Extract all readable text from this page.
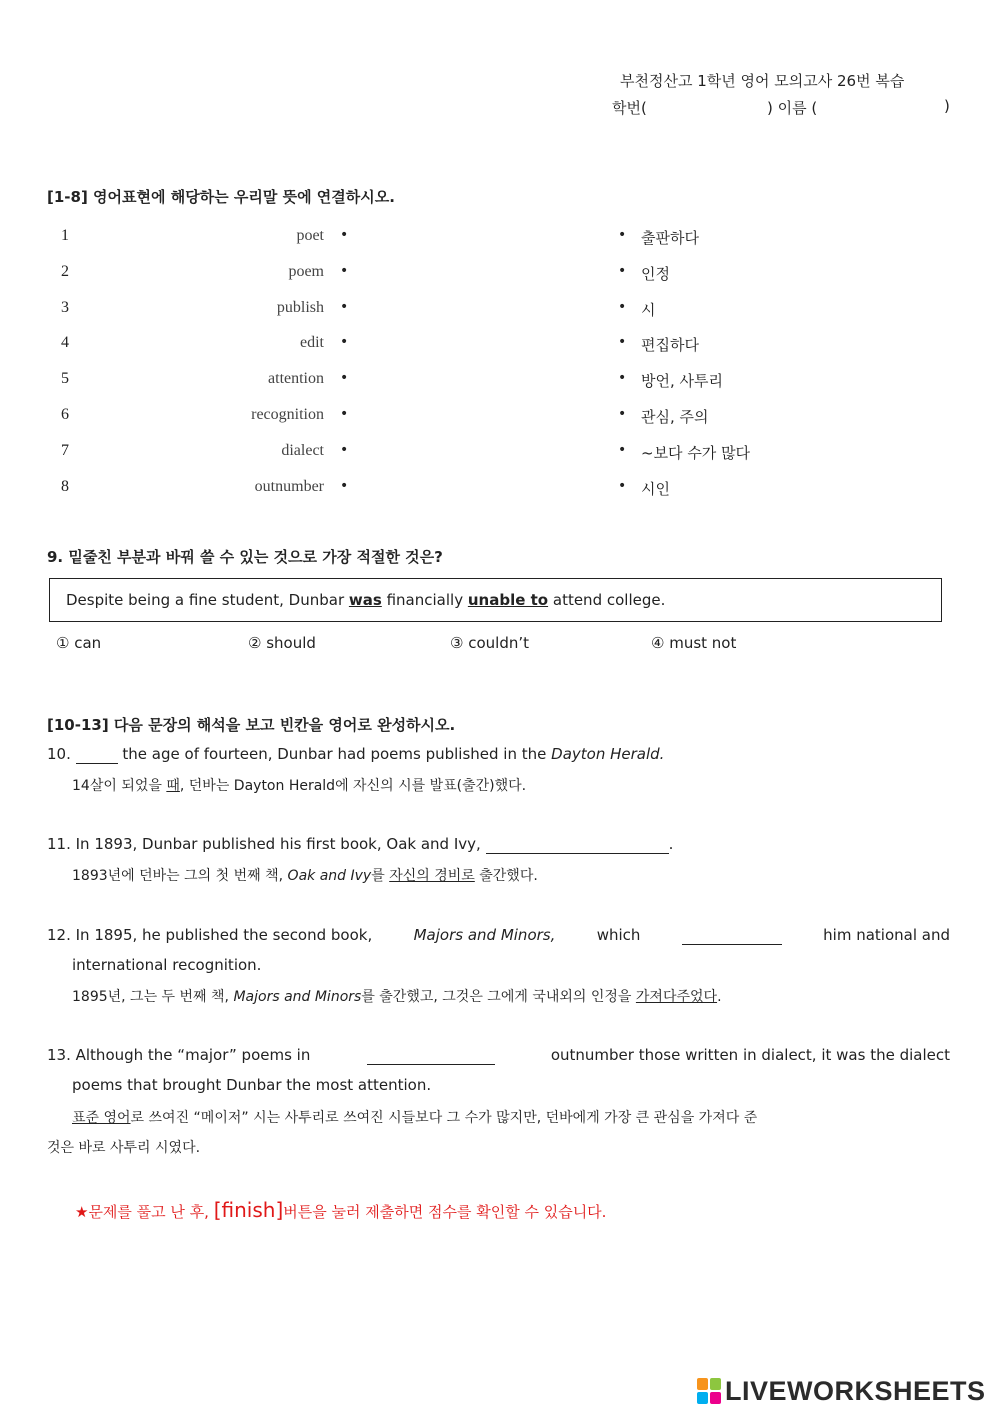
부천정산고 1학년 영어 모의고사 26번 복습
학번(	) 이름 (	)
[1-8] 영어표현에 해당하는 우리말 뜻에 연결하시오.
1	poet •	• 출판하다
2	poem •	• 인정
3	publish •	• 시
4	edit •	• 편집하다
5	attention •	• 방언, 사투리
6	recognition •	• 관심, 주의
7	dialect •	• ~보다 수가 많다
8	outnumber •	• 시인
9. 밑줄친 부분과 바꿔 쓸 수 있는 것으로 가장 적절한 것은?
Despite being a fine student, Dunbar was financially unable to attend college.
① can	② should	③ couldn’t	④ must not
[10-13] 다음 문장의 해석을 보고 빈칸을 영어로 완성하시오.
10.	the age of fourteen, Dunbar had poems published in the Dayton Herald.
14살이 되었을 때, 던바는 Dayton Herald에 자신의 시를 발표(출간)했다.
11. In 1893, Dunbar published his first book, Oak and Ivy,	.
1893년에 던바는 그의 첫 번째 책, Oak and Ivy를 자신의 경비로 출간했다.
12. In 1895, he published the second book,	Majors and Minors,	which
	him national and
international recognition.
1895년, 그는 두 번째 책, Majors and Minors를 출간했고, 그것은 그에게 국내외의 인정을 가져다주었다.
13. Although the “major” poems in
	outnumber those written in dialect, it was the dialect
poems that brought Dunbar the most attention.
표준 영어로 쓰여진 “메이저” 시는 사투리로 쓰여진 시들보다 그 수가 많지만, 던바에게 가장 큰 관심을 가져다 준
것은 바로 사투리 시였다.
★문제를 풀고 난 후, [finish]버튼을 눌러 제출하면 점수를 확인할 수 있습니다.
LIVEWORKSHEETS
